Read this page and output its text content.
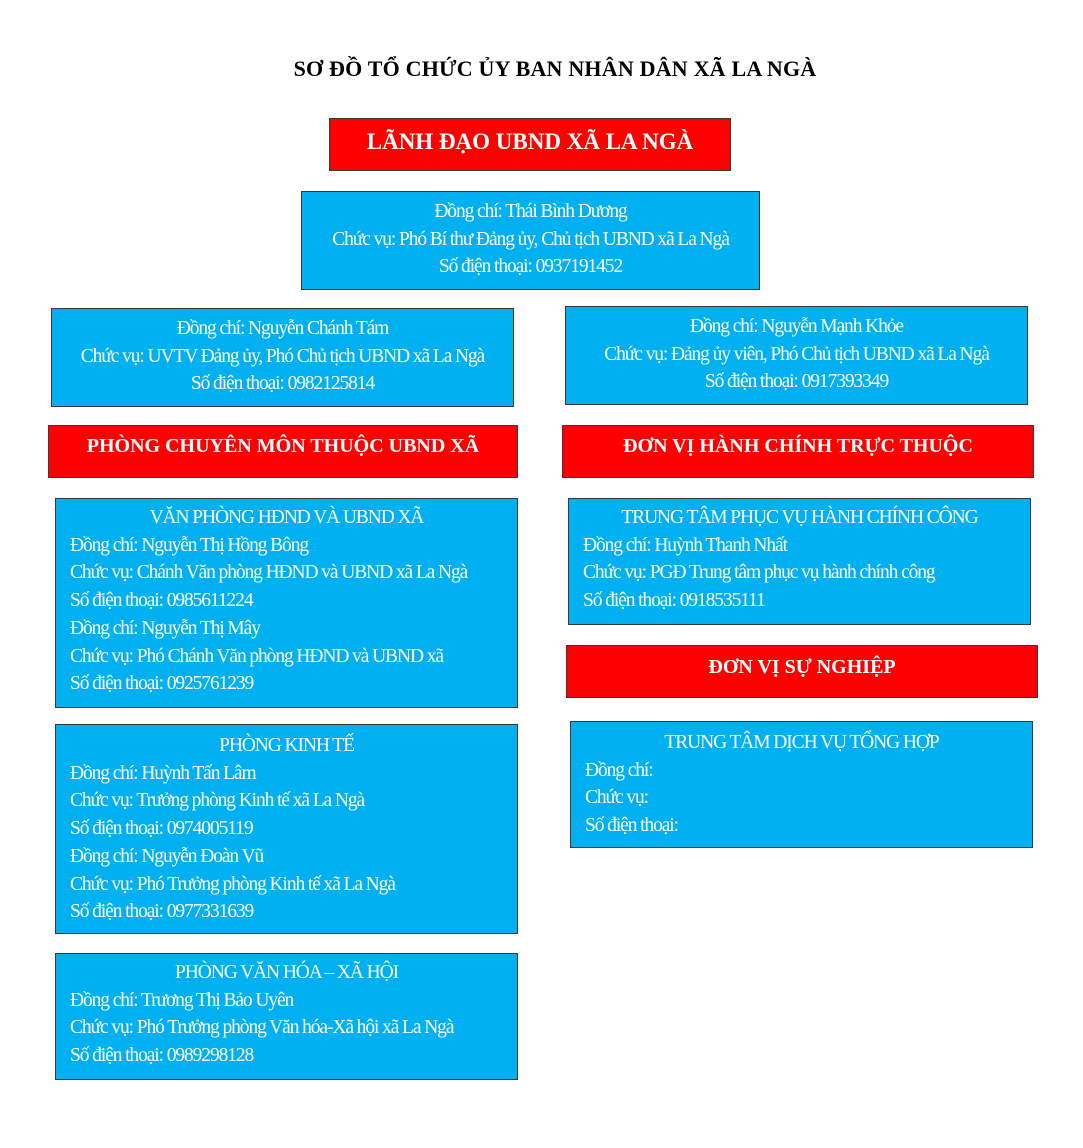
SƠ ĐỒ TỔ CHỨC ỦY BAN NHÂN DÂN XÃ LA NGÀ
LÃNH ĐẠO UBND XÃ LA NGÀ
Đồng chí: Thái Bình Dương
Chức vụ: Phó Bí thư Đảng ủy, Chủ tịch UBND xã La Ngà
Số điện thoại: 0937191452
Đồng chí: Nguyễn Chánh Tám
Chức vụ: UVTV Đảng ủy, Phó Chủ tịch UBND xã La Ngà
Số điện thoại: 0982125814
Đồng chí: Nguyễn Mạnh Khỏe
Chức vụ: Đảng ủy viên, Phó Chủ tịch UBND xã La Ngà
Số điện thoại: 0917393349
PHÒNG CHUYÊN MÔN THUỘC UBND XÃ	ĐƠN VỊ HÀNH CHÍNH TRỰC THUỘC
VĂN PHÒNG HĐND VÀ UBND XÃ
Đồng chí: Nguyễn Thị Hồng Bông
Chức vụ: Chánh Văn phòng HĐND và UBND xã La Ngà
Số điện thoại: 0985611224
Đồng chí: Nguyễn Thị Mây
Chức vụ: Phó Chánh Văn phòng HĐND và UBND xã
Số điện thoại: 0925761239
PHÒNG KINH TẾ
Đồng chí: Huỳnh Tấn Lâm
Chức vụ: Trưởng phòng Kinh tế xã La Ngà
Số điện thoại: 0974005119
Đồng chí: Nguyễn Đoàn Vũ
Chức vụ: Phó Trưởng phòng Kinh tế xã La Ngà
Số điện thoại: 0977331639
PHÒNG VĂN HÓA – XÃ HỘI
Đồng chí: Trương Thị Bảo Uyên
Chức vụ: Phó Trưởng phòng Văn hóa-Xã hội xã La Ngà
Số điện thoại: 0989298128
TRUNG TÂM PHỤC VỤ HÀNH CHÍNH CÔNG
Đồng chí: Huỳnh Thanh Nhất
Chức vụ: PGĐ Trung tâm phục vụ hành chính công
Số điện thoại: 0918535111
ĐƠN VỊ SỰ NGHIỆP
TRUNG TÂM DỊCH VỤ TỔNG HỢP
Đồng chí:
Chức vụ:
Số điện thoại:
